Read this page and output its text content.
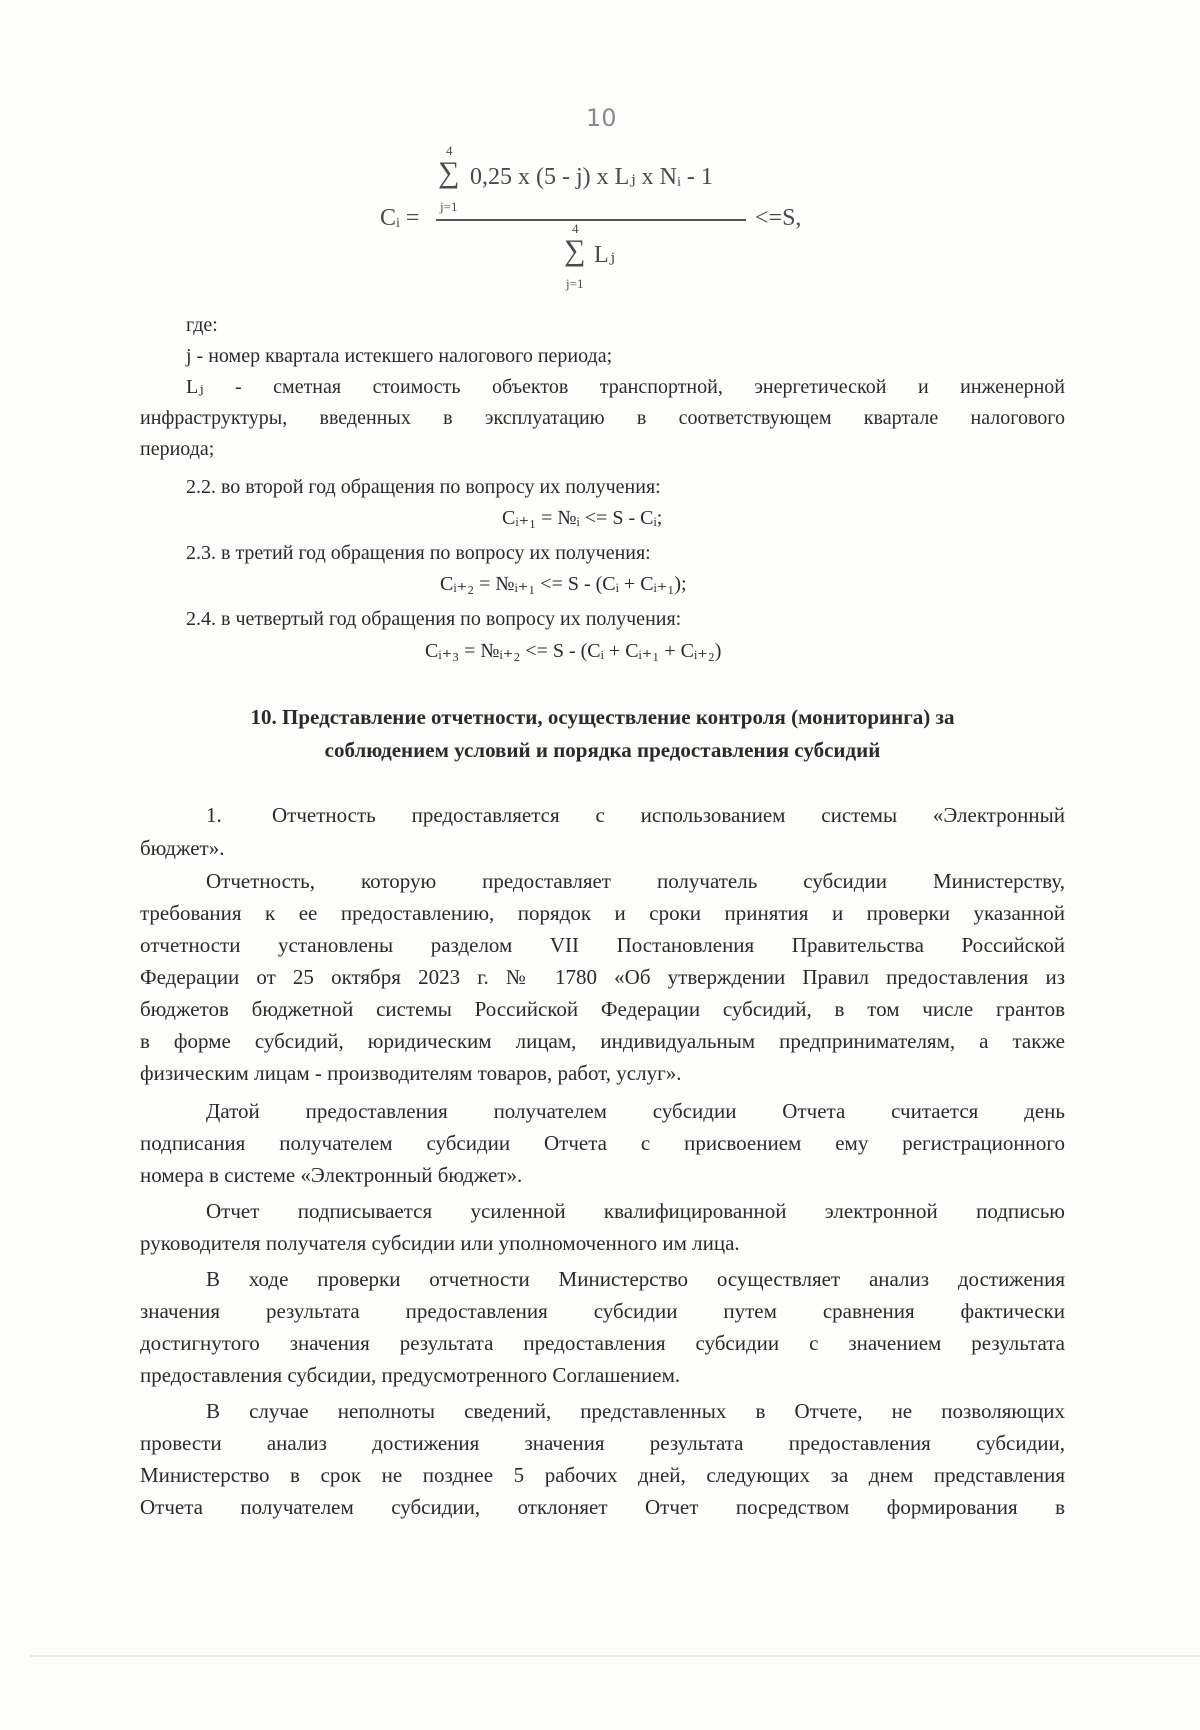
10
4
∑ 0,25 x (5 - j) x Lⱼ x Nᵢ - 1
j=1
Cᵢ =	<=S,
4
∑ Lⱼ
j=1
где:
j - номер квартала истекшего налогового периода;
Lⱼ - сметная стоимость объектов транспортной, энергетической и инженерной
инфраструктуры, введенных в эксплуатацию в соответствующем квартале налогового
периода;
2.2. во второй год обращения по вопросу их получения:
Cᵢ₊₁ = №ᵢ <= S - Cᵢ;
2.3. в третий год обращения по вопросу их получения:
Cᵢ₊₂ = №ᵢ₊₁ <= S - (Cᵢ + Cᵢ₊₁);
2.4. в четвертый год обращения по вопросу их получения:
Cᵢ₊₃ = №ᵢ₊₂ <= S - (Cᵢ + Cᵢ₊₁ + Cᵢ₊₂)
10. Представление отчетности, осуществление контроля (мониторинга) за
соблюдением условий и порядка предоставления субсидий
1. Отчетность предоставляется с использованием системы «Электронный
бюджет».
Отчетность, которую предоставляет получатель субсидии Министерству,
требования к ее предоставлению, порядок и сроки принятия и проверки указанной
отчетности установлены разделом VII Постановления Правительства Российской
Федерации от 25 октября 2023 г. № 1780 «Об утверждении Правил предоставления из
бюджетов бюджетной системы Российской Федерации субсидий, в том числе грантов
в форме субсидий, юридическим лицам, индивидуальным предпринимателям, а также
физическим лицам - производителям товаров, работ, услуг».
Датой предоставления получателем субсидии Отчета считается день
подписания получателем субсидии Отчета с присвоением ему регистрационного
номера в системе «Электронный бюджет».
Отчет подписывается усиленной квалифицированной электронной подписью
руководителя получателя субсидии или уполномоченного им лица.
В ходе проверки отчетности Министерство осуществляет анализ достижения
значения результата предоставления субсидии путем сравнения фактически
достигнутого значения результата предоставления субсидии с значением результата
предоставления субсидии, предусмотренного Соглашением.
В случае неполноты сведений, представленных в Отчете, не позволяющих
провести анализ достижения значения результата предоставления субсидии,
Министерство в срок не позднее 5 рабочих дней, следующих за днем представления
Отчета получателем субсидии, отклоняет Отчет посредством формирования в
